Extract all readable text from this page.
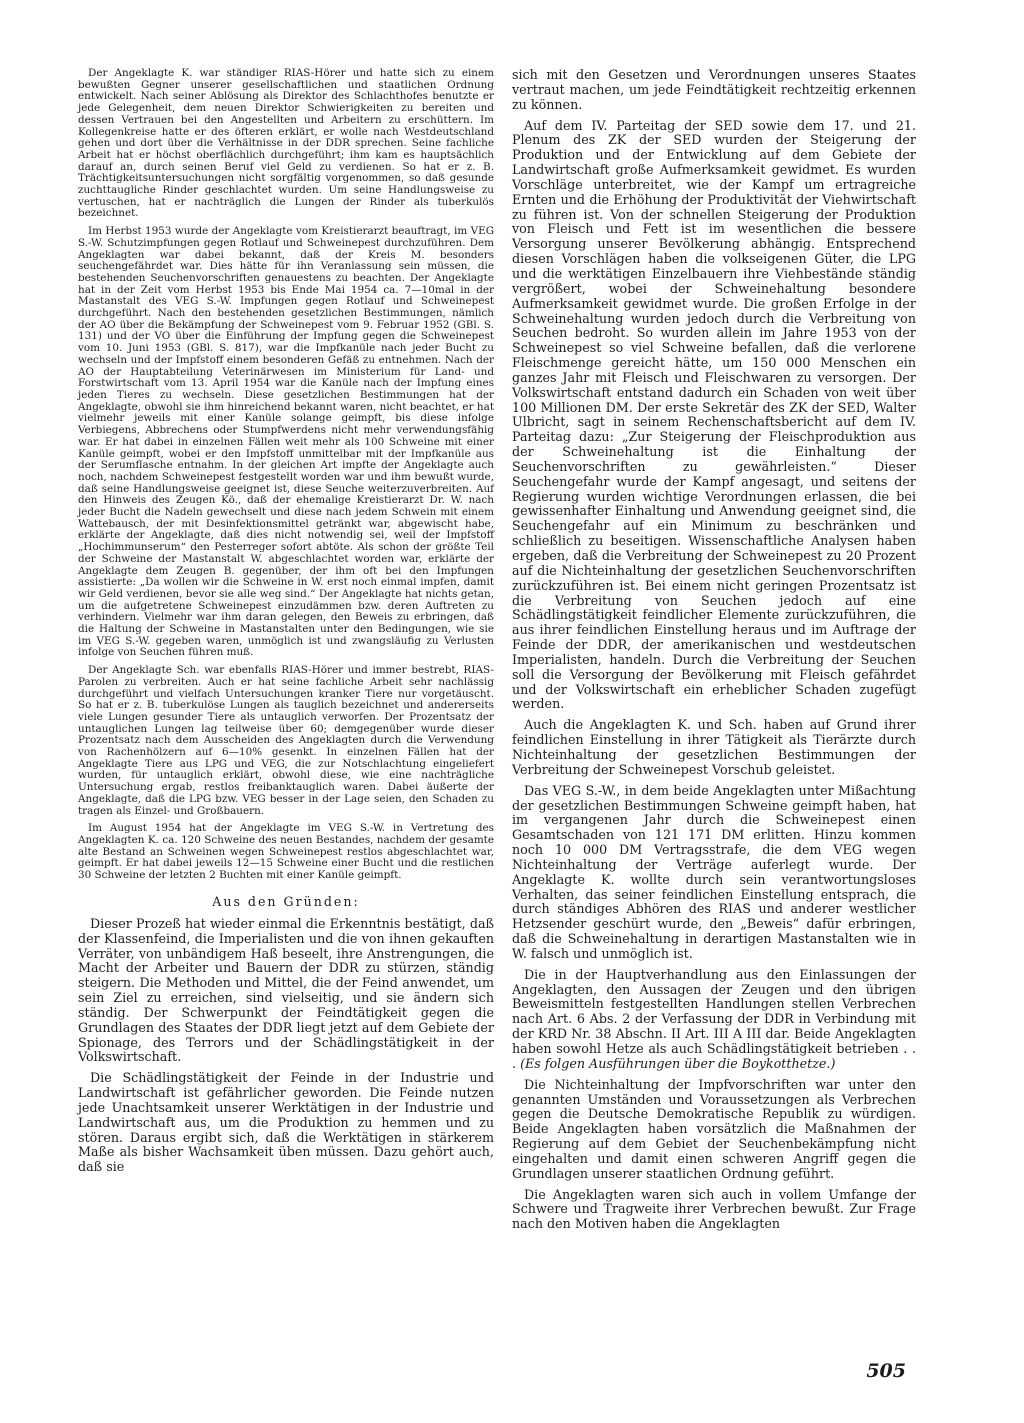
Der Angeklagte K. war ständiger RIAS-Hörer und hatte sich zu einem bewußten Gegner unserer gesellschaftlichen und staatlichen Ordnung entwickelt. Nach seiner Ablösung als Direktor des Schlachthofes benutzte er jede Gelegenheit, dem neuen Direktor Schwierigkeiten zu bereiten und dessen Vertrauen bei den Angestellten und Arbeitern zu erschüttern. Im Kollegenkreise hatte er des öfteren erklärt, er wolle nach Westdeutschland gehen und dort über die Verhältnisse in der DDR sprechen. Seine fachliche Arbeit hat er höchst oberflächlich durchgeführt; ihm kam es hauptsächlich darauf an, durch seinen Beruf viel Geld zu verdienen. So hat er z. B. Trächtigkeitsuntersuchungen nicht sorgfältig vorgenommen, so daß gesunde zuchttaugliche Rinder geschlachtet wurden. Um seine Handlungsweise zu vertuschen, hat er nachträglich die Lungen der Rinder als tuberkulös bezeichnet.

Im Herbst 1953 wurde der Angeklagte vom Kreistierarzt beauftragt, im VEG S.-W. Schutzimpfungen gegen Rotlauf und Schweinepest durchzuführen. Dem Angeklagten war dabei bekannt, daß der Kreis M. besonders seuchengefährdet war. Dies hätte für ihn Veranlassung sein müssen, die bestehenden Seuchenvorschriften genauestens zu beachten. Der Angeklagte hat in der Zeit vom Herbst 1953 bis Ende Mai 1954 ca. 7—10mal in der Mastanstalt des VEG S.-W. Impfungen gegen Rotlauf und Schweinepest durchgeführt. Nach den bestehenden gesetzlichen Bestimmungen, nämlich der AO über die Bekämpfung der Schweinepest vom 9. Februar 1952 (GBl. S. 131) und der VO über die Einführung der Impfung gegen die Schweinepest vom 10. Juni 1953 (GBl. S. 817), war die Impfkanüle nach jeder Bucht zu wechseln und der Impfstoff einem besonderen Gefäß zu entnehmen. Nach der AO der Hauptabteilung Veterinärwesen im Ministerium für Land- und Forstwirtschaft vom 13. April 1954 war die Kanüle nach der Impfung eines jeden Tieres zu wechseln. Diese gesetzlichen Bestimmungen hat der Angeklagte, obwohl sie ihm hinreichend bekannt waren, nicht beachtet, er hat vielmehr jeweils mit einer Kanüle solange geimpft, bis diese infolge Verbiegens, Abbrechens oder Stumpfwerdens nicht mehr verwendungsfähig war. Er hat dabei in einzelnen Fällen weit mehr als 100 Schweine mit einer Kanüle geimpft, wobei er den Impfstoff unmittelbar mit der Impfkanüle aus der Serumflasche entnahm. In der gleichen Art impfte der Angeklagte auch noch, nachdem Schweinepest festgestellt worden war und ihm bewußt wurde, daß seine Handlungsweise geeignet ist, diese Seuche weiterzuverbreiten. Auf den Hinweis des Zeugen Kö., daß der ehemalige Kreistierarzt Dr. W. nach jeder Bucht die Nadeln gewechselt und diese nach jedem Schwein mit einem Wattebausch, der mit Desinfektionsmittel getränkt war, abgewischt habe, erklärte der Angeklagte, daß dies nicht notwendig sei, weil der Impfstoff „Hochimmunserum“ den Pesterreger sofort abtöte. Als schon der größte Teil der Schweine der Mastanstalt W. abgeschlachtet worden war, erklärte der Angeklagte dem Zeugen B. gegenüber, der ihm oft bei den Impfungen assistierte: „Da wollen wir die Schweine in W. erst noch einmal impfen, damit wir Geld verdienen, bevor sie alle weg sind.“ Der Angeklagte hat nichts getan, um die aufgetretene Schweinepest einzudämmen bzw. deren Auftreten zu verhindern. Vielmehr war ihm daran gelegen, den Beweis zu erbringen, daß die Haltung der Schweine in Mastanstalten unter den Bedingungen, wie sie im VEG S.-W. gegeben waren, unmöglich ist und zwangsläufig zu Verlusten infolge von Seuchen führen muß.

Der Angeklagte Sch. war ebenfalls RIAS-Hörer und immer bestrebt, RIAS-Parolen zu verbreiten. Auch er hat seine fachliche Arbeit sehr nachlässig durchgeführt und vielfach Untersuchungen kranker Tiere nur vorgetäuscht. So hat er z. B. tuberkulöse Lungen als tauglich bezeichnet und andererseits viele Lungen gesunder Tiere als untauglich verworfen. Der Prozentsatz der untauglichen Lungen lag teilweise über 60; demgegenüber wurde dieser Prozentsatz nach dem Ausscheiden des Angeklagten durch die Verwendung von Rachenhölzern auf 6—10% gesenkt. In einzelnen Fällen hat der Angeklagte Tiere aus LPG und VEG, die zur Notschlachtung eingeliefert wurden, für untauglich erklärt, obwohl diese, wie eine nachträgliche Untersuchung ergab, restlos freibanktauglich waren. Dabei äußerte der Angeklagte, daß die LPG bzw. VEG besser in der Lage seien, den Schaden zu tragen als Einzel- und Großbauern.

Im August 1954 hat der Angeklagte im VEG S.-W. in Vertretung des Angeklagten K. ca. 120 Schweine des neuen Bestandes, nachdem der gesamte alte Bestand an Schweinen wegen Schweinepest restlos abgeschlachtet war, geimpft. Er hat dabei jeweils 12—15 Schweine einer Bucht und die restlichen 30 Schweine der letzten 2 Buchten mit einer Kanüle geimpft.

Aus den Gründen:

Dieser Prozeß hat wieder einmal die Erkenntnis bestätigt, daß der Klassenfeind, die Imperialisten und die von ihnen gekauften Verräter, von unbändigem Haß beseelt, ihre Anstrengungen, die Macht der Arbeiter und Bauern der DDR zu stürzen, ständig steigern. Die Methoden und Mittel, die der Feind anwendet, um sein Ziel zu erreichen, sind vielseitig, und sie ändern sich ständig. Der Schwerpunkt der Feindtätigkeit gegen die Grundlagen des Staates der DDR liegt jetzt auf dem Gebiete der Spionage, des Terrors und der Schädlingstätigkeit in der Volkswirtschaft.

Die Schädlingstätigkeit der Feinde in der Industrie und Landwirtschaft ist gefährlicher geworden. Die Feinde nutzen jede Unachtsamkeit unserer Werktätigen in der Industrie und Landwirtschaft aus, um die Produktion zu hemmen und zu stören. Daraus ergibt sich, daß die Werktätigen in stärkerem Maße als bisher Wachsamkeit üben müssen. Dazu gehört auch, daß sie

sich mit den Gesetzen und Verordnungen unseres Staates vertraut machen, um jede Feindtätigkeit rechtzeitig erkennen zu können.

Auf dem IV. Parteitag der SED sowie dem 17. und 21. Plenum des ZK der SED wurden der Steigerung der Produktion und der Entwicklung auf dem Gebiete der Landwirtschaft große Aufmerksamkeit gewidmet. Es wurden Vorschläge unterbreitet, wie der Kampf um ertragreiche Ernten und die Erhöhung der Produktivität der Viehwirtschaft zu führen ist. Von der schnellen Steigerung der Produktion von Fleisch und Fett ist im wesentlichen die bessere Versorgung unserer Bevölkerung abhängig. Entsprechend diesen Vorschlägen haben die volkseigenen Güter, die LPG und die werktätigen Einzelbauern ihre Viehbestände ständig vergrößert, wobei der Schweinehaltung besondere Aufmerksamkeit gewidmet wurde. Die großen Erfolge in der Schweinehaltung wurden jedoch durch die Verbreitung von Seuchen bedroht. So wurden allein im Jahre 1953 von der Schweinepest so viel Schweine befallen, daß die verlorene Fleischmenge gereicht hätte, um 150 000 Menschen ein ganzes Jahr mit Fleisch und Fleischwaren zu versorgen. Der Volkswirtschaft entstand dadurch ein Schaden von weit über 100 Millionen DM. Der erste Sekretär des ZK der SED, Walter Ulbricht, sagt in seinem Rechenschaftsbericht auf dem IV. Parteitag dazu: „Zur Steigerung der Fleischproduktion aus der Schweinehaltung ist die Einhaltung der Seuchenvorschriften zu gewährleisten.“ Dieser Seuchengefahr wurde der Kampf angesagt, und seitens der Regierung wurden wichtige Verordnungen erlassen, die bei gewissenhafter Einhaltung und Anwendung geeignet sind, die Seuchengefahr auf ein Minimum zu beschränken und schließlich zu beseitigen. Wissenschaftliche Analysen haben ergeben, daß die Verbreitung der Schweinepest zu 20 Prozent auf die Nichteinhaltung der gesetzlichen Seuchenvorschriften zurückzuführen ist. Bei einem nicht geringen Prozentsatz ist die Verbreitung von Seuchen jedoch auf eine Schädlingstätigkeit feindlicher Elemente zurückzuführen, die aus ihrer feindlichen Einstellung heraus und im Auftrage der Feinde der DDR, der amerikanischen und westdeutschen Imperialisten, handeln. Durch die Verbreitung der Seuchen soll die Versorgung der Bevölkerung mit Fleisch gefährdet und der Volkswirtschaft ein erheblicher Schaden zugefügt werden.

Auch die Angeklagten K. und Sch. haben auf Grund ihrer feindlichen Einstellung in ihrer Tätigkeit als Tierärzte durch Nichteinhaltung der gesetzlichen Bestimmungen der Verbreitung der Schweinepest Vorschub geleistet.

Das VEG S.-W., in dem beide Angeklagten unter Mißachtung der gesetzlichen Bestimmungen Schweine geimpft haben, hat im vergangenen Jahr durch die Schweinepest einen Gesamtschaden von 121 171 DM erlitten. Hinzu kommen noch 10 000 DM Vertragsstrafe, die dem VEG wegen Nichteinhaltung der Verträge auferlegt wurde. Der Angeklagte K. wollte durch sein verantwortungsloses Verhalten, das seiner feindlichen Einstellung entsprach, die durch ständiges Abhören des RIAS und anderer westlicher Hetzsender geschürt wurde, den „Beweis“ dafür erbringen, daß die Schweinehaltung in derartigen Mastanstalten wie in W. falsch und unmöglich ist.

Die in der Hauptverhandlung aus den Einlassungen der Angeklagten, den Aussagen der Zeugen und den übrigen Beweismitteln festgestellten Handlungen stellen Verbrechen nach Art. 6 Abs. 2 der Verfassung der DDR in Verbindung mit der KRD Nr. 38 Abschn. II Art. III A III dar. Beide Angeklagten haben sowohl Hetze als auch Schädlingstätigkeit betrieben . . . (Es folgen Ausführungen über die Boykotthetze.)

Die Nichteinhaltung der Impfvorschriften war unter den genannten Umständen und Voraussetzungen als Verbrechen gegen die Deutsche Demokratische Republik zu würdigen. Beide Angeklagten haben vorsätzlich die Maßnahmen der Regierung auf dem Gebiet der Seuchenbekämpfung nicht eingehalten und damit einen schweren Angriff gegen die Grundlagen unserer staatlichen Ordnung geführt.

Die Angeklagten waren sich auch in vollem Umfange der Schwere und Tragweite ihrer Verbrechen bewußt. Zur Frage nach den Motiven haben die Angeklagten

505
